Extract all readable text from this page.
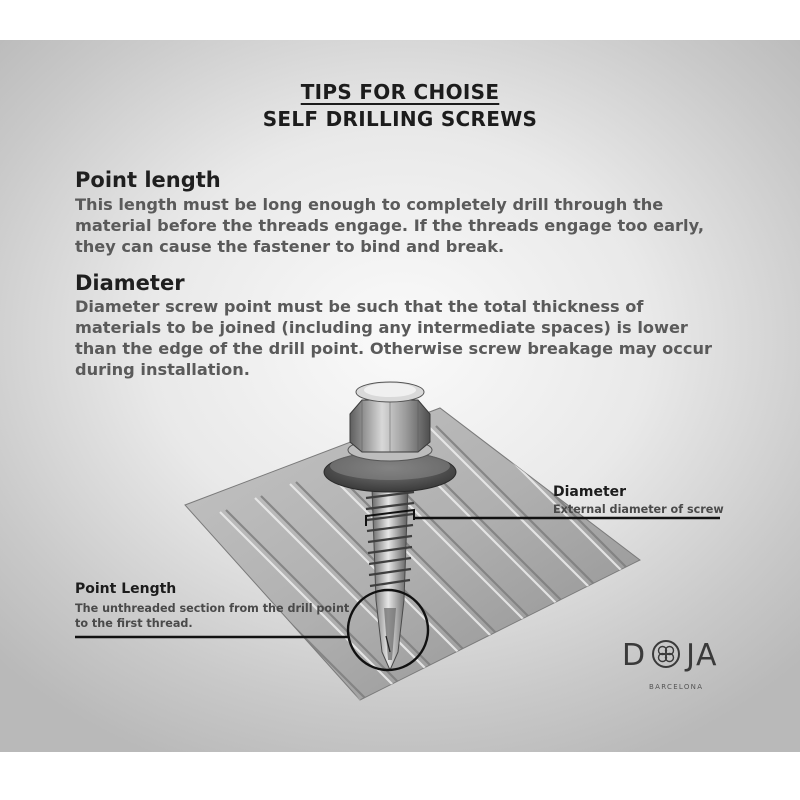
TIPS FOR CHOISE
SELF DRILLING SCREWS
Point length
This length must be long enough to completely drill through the material before the threads engage. If the threads engage too early, they can cause the fastener to bind and break.
Diameter
Diameter screw point must be such that the total thickness of materials to be joined (including any intermediate spaces) is lower than the edge of the drill point. Otherwise screw breakage may occur during installation.
Diameter
External diameter of screw
Point Length
The unthreaded section from the drill point to the first thread.
D JA
BARCELONA
